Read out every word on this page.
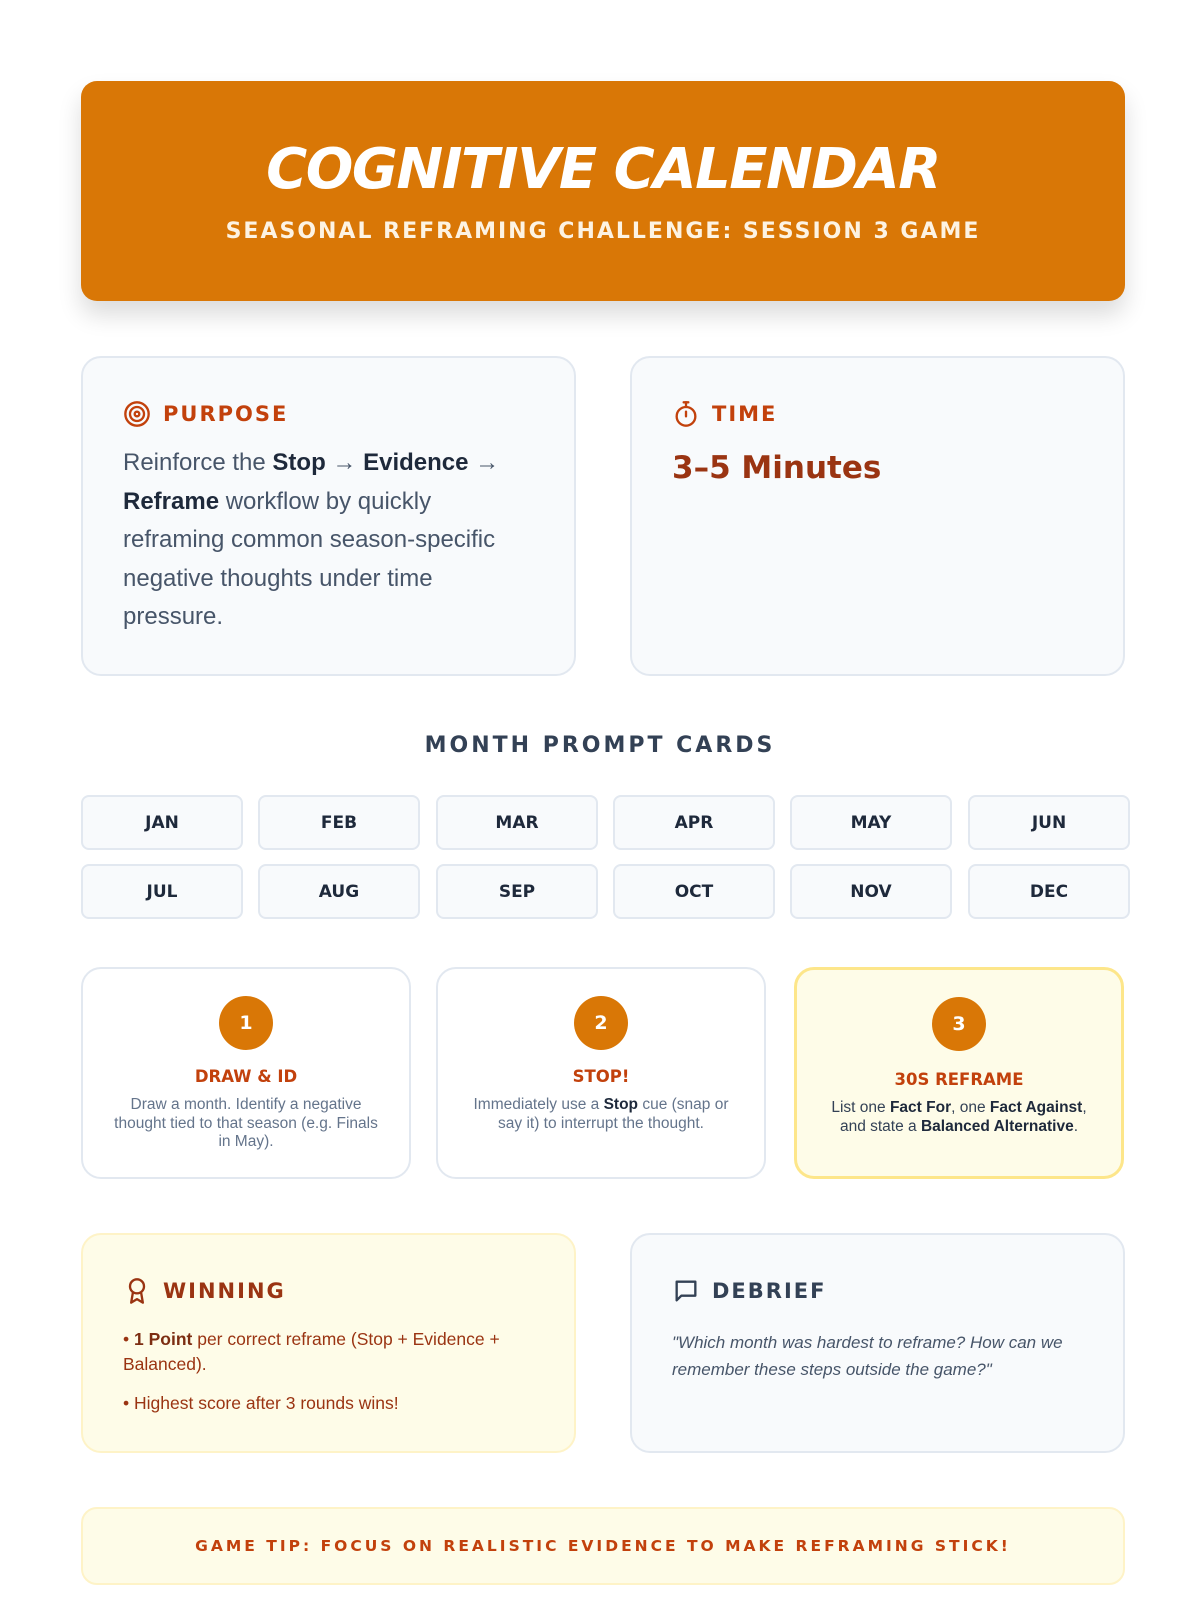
COGNITIVE CALENDAR
SEASONAL REFRAMING CHALLENGE: SESSION 3 GAME
PURPOSE
Reinforce the Stop → Evidence → Reframe workflow by quickly reframing common season-specific negative thoughts under time pressure.
TIME
3–5 Minutes
MONTH PROMPT CARDS
JAN	FEB	MAR	APR	MAY	JUN
JUL	AUG	SEP	OCT	NOV	DEC
1
DRAW & ID
Draw a month. Identify a negative thought tied to that season (e.g. Finals in May).
2
STOP!
Immediately use a Stop cue (snap or say it) to interrupt the thought.
3
30S REFRAME
List one Fact For, one Fact Against, and state a Balanced Alternative.
WINNING
• 1 Point per correct reframe (Stop + Evidence + Balanced).
• Highest score after 3 rounds wins!
DEBRIEF
"Which month was hardest to reframe? How can we remember these steps outside the game?"
GAME TIP: FOCUS ON REALISTIC EVIDENCE TO MAKE REFRAMING STICK!
